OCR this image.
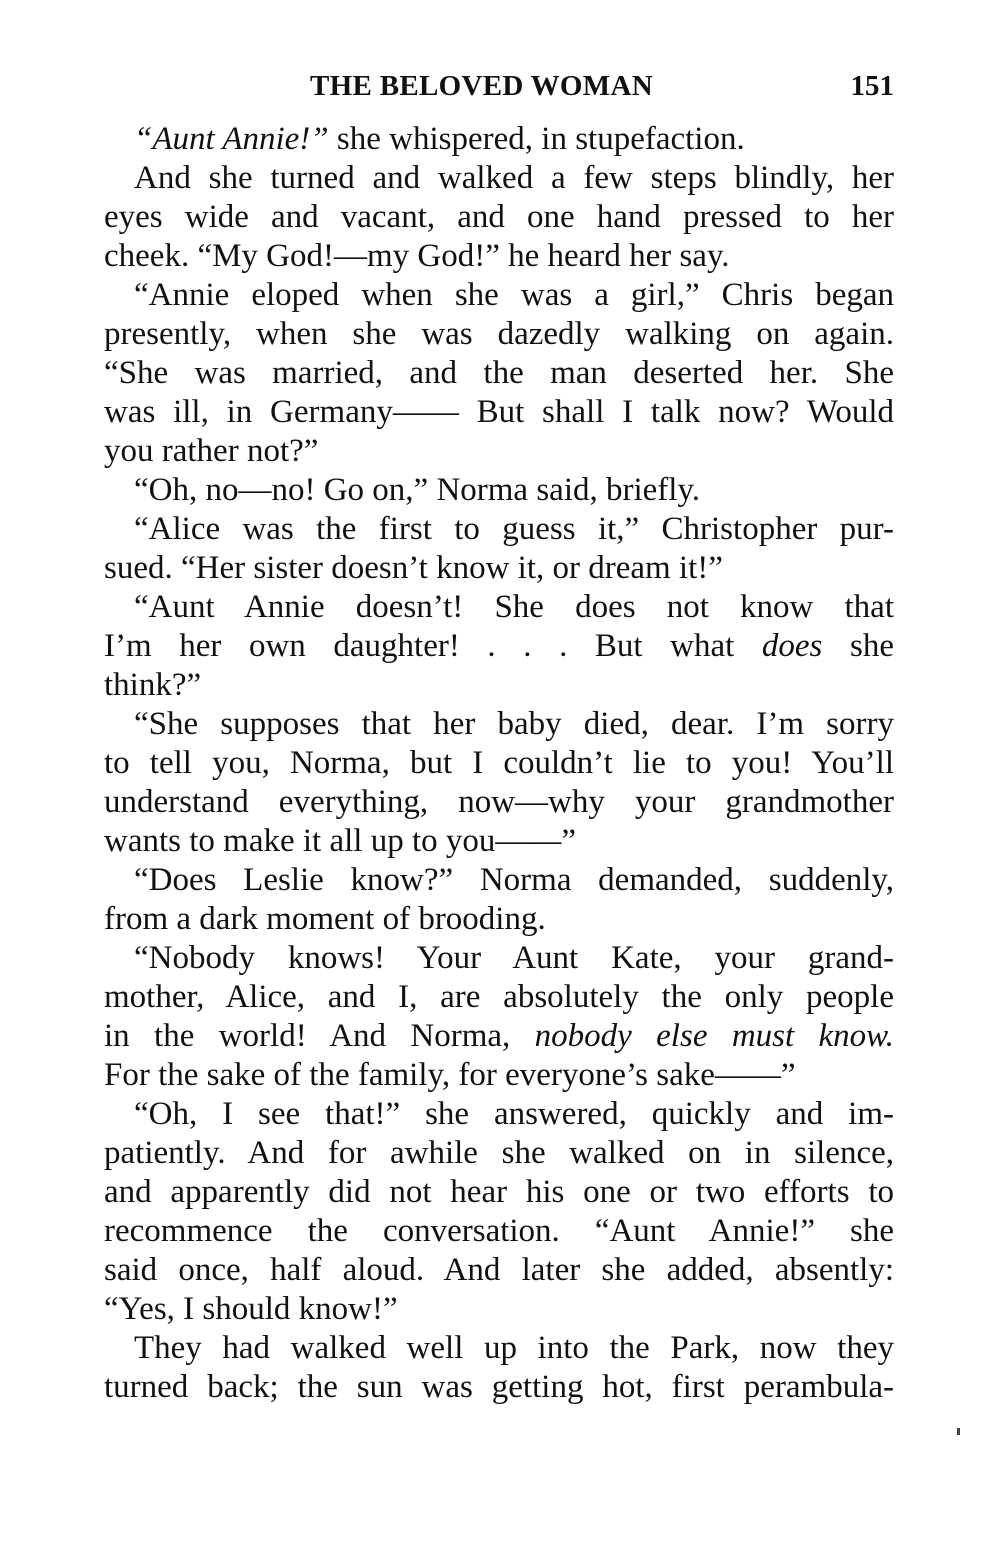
THE BELOVED WOMAN	151
“Aunt Annie!” she whispered, in stupefaction.
And she turned and walked a few steps blindly, her
eyes wide and vacant, and one hand pressed to her
cheek. “My God!—my God!” he heard her say.
“Annie eloped when she was a girl,” Chris began
presently, when she was dazedly walking on again.
“She was married, and the man deserted her. She
was ill, in Germany—— But shall I talk now? Would
you rather not?”
“Oh, no—no! Go on,” Norma said, briefly.
“Alice was the first to guess it,” Christopher pur-
sued. “Her sister doesn’t know it, or dream it!”
“Aunt Annie doesn’t! She does not know that
I’m her own daughter! . . . But what does she
think?”
“She supposes that her baby died, dear. I’m sorry
to tell you, Norma, but I couldn’t lie to you! You’ll
understand everything, now—why your grandmother
wants to make it all up to you——”
“Does Leslie know?” Norma demanded, suddenly,
from a dark moment of brooding.
“Nobody knows! Your Aunt Kate, your grand-
mother, Alice, and I, are absolutely the only people
in the world! And Norma, nobody else must know.
For the sake of the family, for everyone’s sake——”
“Oh, I see that!” she answered, quickly and im-
patiently. And for awhile she walked on in silence,
and apparently did not hear his one or two efforts to
recommence the conversation. “Aunt Annie!” she
said once, half aloud. And later she added, absently:
“Yes, I should know!”
They had walked well up into the Park, now they
turned back; the sun was getting hot, first perambula-
